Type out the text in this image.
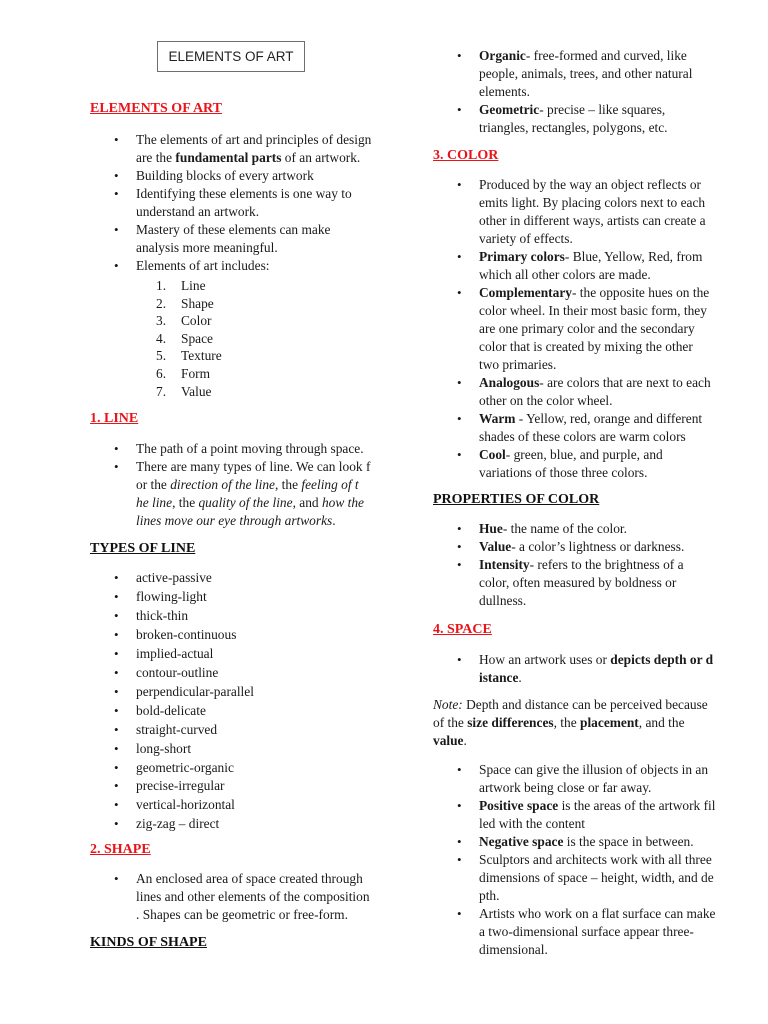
ELEMENTS OF ART
ELEMENTS OF ART
• The elements of art and principles of design
are the fundamental parts of an artwork.
• Building blocks of every artwork
• Identifying these elements is one way to
understand an artwork.
• Mastery of these elements can make
analysis more meaningful.
• Elements of art includes:
1. Line
2. Shape
3. Color
4. Space
5. Texture
6. Form
7. Value
1. LINE
• The path of a point moving through space.
• There are many types of line. We can look f
or the direction of the line, the feeling of t
he line, the quality of the line, and how the
lines move our eye through artworks.
TYPES OF LINE
• active-passive
• flowing-light
• thick-thin
• broken-continuous
• implied-actual
• contour-outline
• perpendicular-parallel
• bold-delicate
• straight-curved
• long-short
• geometric-organic
• precise-irregular
• vertical-horizontal
• zig-zag – direct
2. SHAPE
• An enclosed area of space created through
lines and other elements of the composition
. Shapes can be geometric or free-form.
KINDS OF SHAPE
• Organic- free-formed and curved, like
people, animals, trees, and other natural
elements.
• Geometric- precise – like squares,
triangles, rectangles, polygons, etc.
3. COLOR
• Produced by the way an object reflects or
emits light. By placing colors next to each
other in different ways, artists can create a
variety of effects.
• Primary colors- Blue, Yellow, Red, from
which all other colors are made.
• Complementary- the opposite hues on the
color wheel. In their most basic form, they
are one primary color and the secondary
color that is created by mixing the other
two primaries.
• Analogous- are colors that are next to each
other on the color wheel.
• Warm - Yellow, red, orange and different
shades of these colors are warm colors
• Cool- green, blue, and purple, and
variations of those three colors.
PROPERTIES OF COLOR
• Hue- the name of the color.
• Value- a color’s lightness or darkness.
• Intensity- refers to the brightness of a
color, often measured by boldness or
dullness.
4. SPACE
• How an artwork uses or depicts depth or d
istance.
Note: Depth and distance can be perceived because
of the size differences, the placement, and the
value.
• Space can give the illusion of objects in an
artwork being close or far away.
• Positive space is the areas of the artwork fil
led with the content
• Negative space is the space in between.
• Sculptors and architects work with all three
dimensions of space – height, width, and de
pth.
• Artists who work on a flat surface can make
a two-dimensional surface appear three-
dimensional.
